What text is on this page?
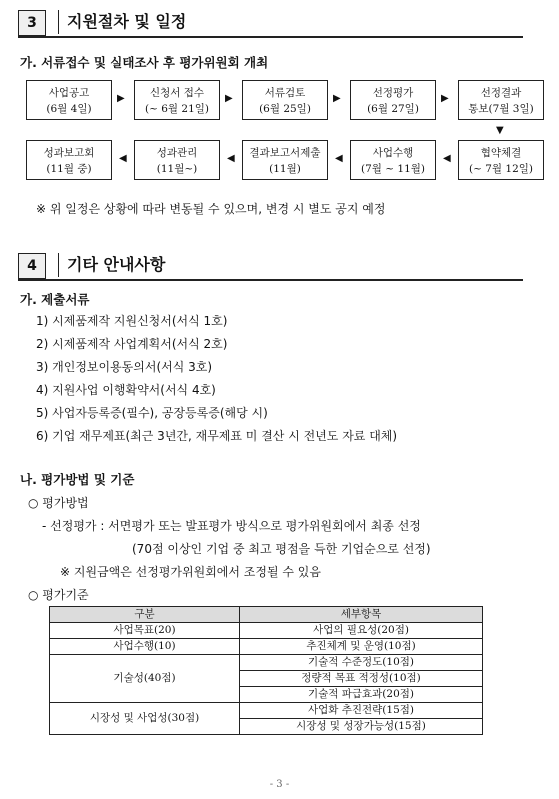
3	지원절차 및 일정
가. 서류접수 및 실태조사 후 평가위원회 개최
사업공고
(6월 4일)
▶	신청서 접수
(~ 6월 21일)
▶	서류검토
(6월 25일)
▶	선정평가
(6월 27일)
▶	선정결과
통보(7월 3일)
▼
협약체결
(~ 7월 12일)
◀
사업수행
(7월 ~ 11월)
◀
결과보고서제출
(11월)
◀
성과관리
(11월~)
◀
성과보고회
(11월 중)
※ 위 일정은 상황에 따라 변동될 수 있으며, 변경 시 별도 공지 예정
4	기타 안내사항
가. 제출서류
1) 시제품제작 지원신청서(서식 1호)
2) 시제품제작 사업계획서(서식 2호)
3) 개인정보이용동의서(서식 3호)
4) 지원사업 이행확약서(서식 4호)
5) 사업자등록증(필수), 공장등록증(해당 시)
6) 기업 재무제표(최근 3년간, 재무제표 미 결산 시 전년도 자료 대체)
나. 평가방법 및 기준
○ 평가방법
- 선정평가 : 서면평가 또는 발표평가 방식으로 평가위원회에서 최종 선정
(70점 이상인 기업 중 최고 평점을 득한 기업순으로 선정)
※ 지원금액은 선정평가위원회에서 조정될 수 있음
○ 평가기준
구분	세부항목
사업목표(20)	사업의 필요성(20점)
사업수행(10)	추진체계 및 운영(10점)
기술성(40점)	기술적 수준정도(10점)
	정량적 목표 적정성(10점)
	기술적 파급효과(20점)
시장성 및 사업성(30점)	사업화 추진전략(15점)
	시장성 및 성장가능성(15점)
- 3 -
